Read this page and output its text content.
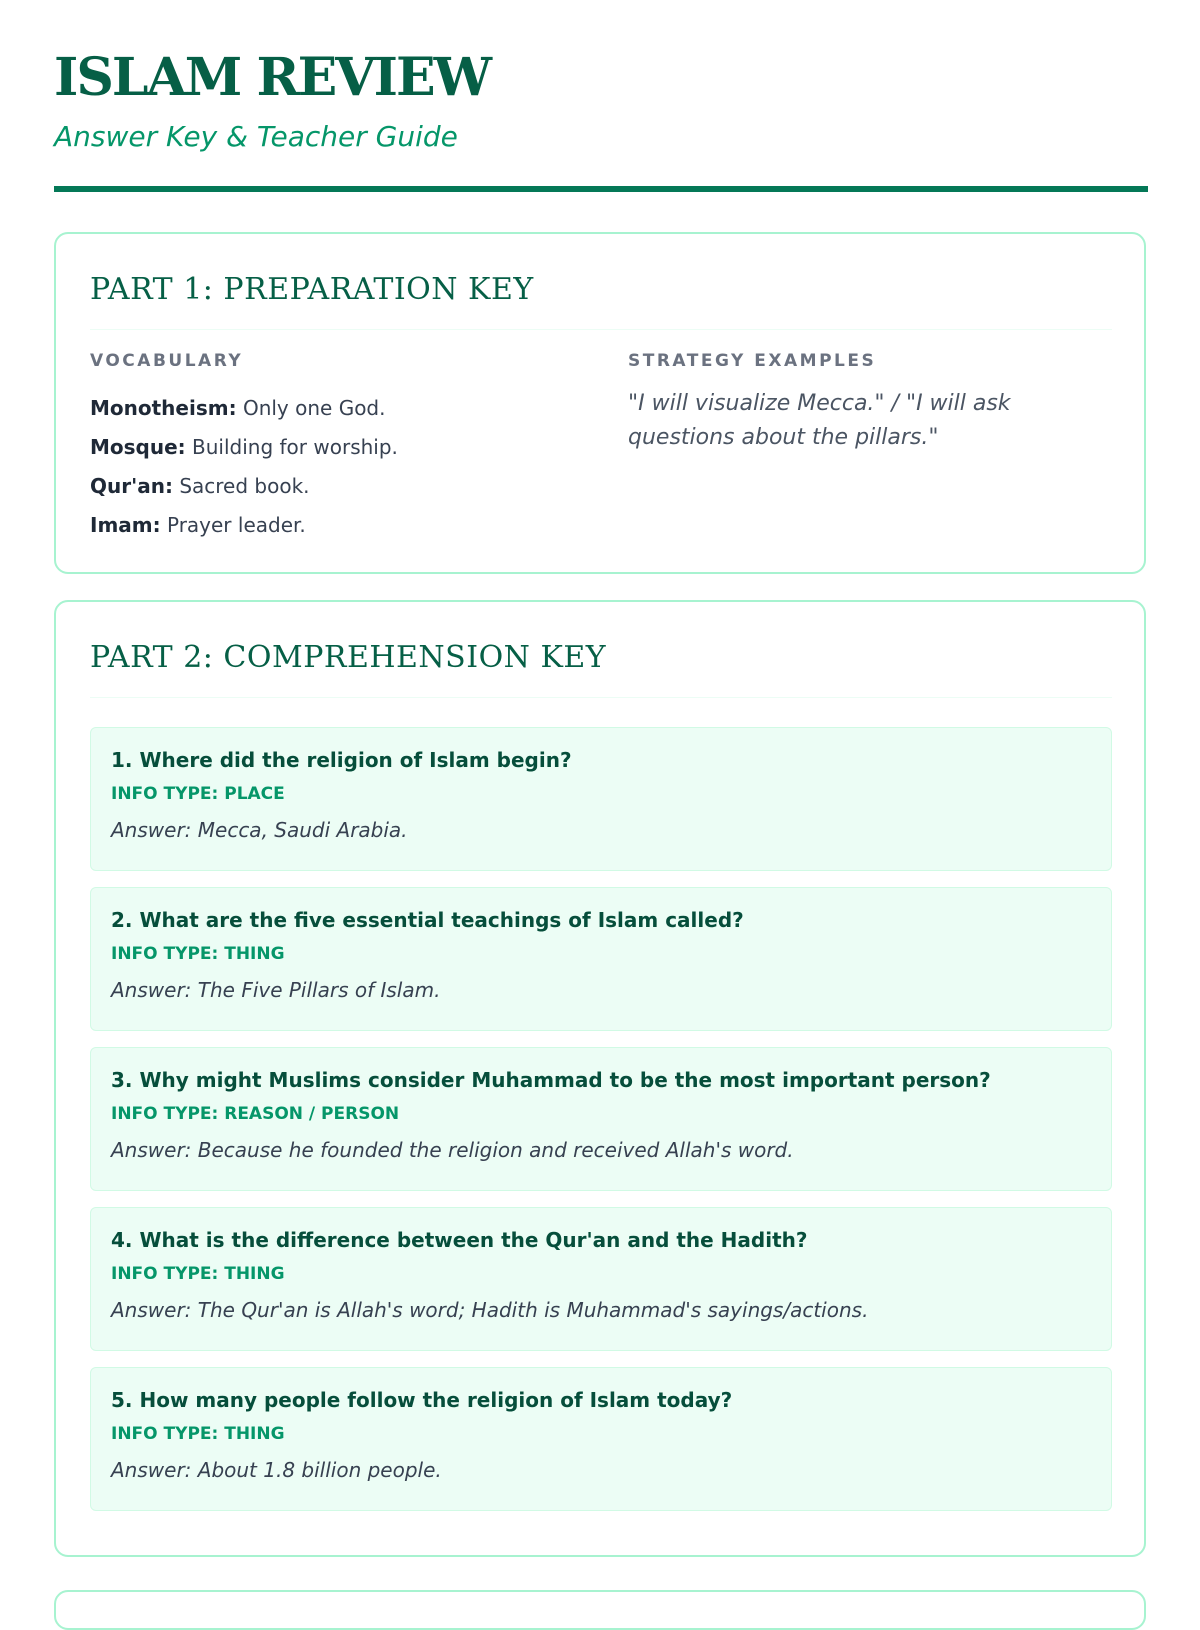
ISLAM REVIEW

Answer Key & Teacher Guide

PART 1: PREPARATION KEY
VOCABULARY
Monotheism: Only one God.
Mosque: Building for worship.
Qur'an: Sacred book.
Imam: Prayer leader.
STRATEGY EXAMPLES

"I will visualize Mecca." / "I will ask questions about the pillars."

PART 2: COMPREHENSION KEY

1. Where did the religion of Islam begin?

INFO TYPE: PLACE

Answer: Mecca, Saudi Arabia.

2. What are the five essential teachings of Islam called?

INFO TYPE: THING

Answer: The Five Pillars of Islam.

3. Why might Muslims consider Muhammad to be the most important person?

INFO TYPE: REASON / PERSON

Answer: Because he founded the religion and received Allah's word.

4. What is the difference between the Qur'an and the Hadith?

INFO TYPE: THING

Answer: The Qur'an is Allah's word; Hadith is Muhammad's sayings/actions.

5. How many people follow the religion of Islam today?

INFO TYPE: THING

Answer: About 1.8 billion people.
